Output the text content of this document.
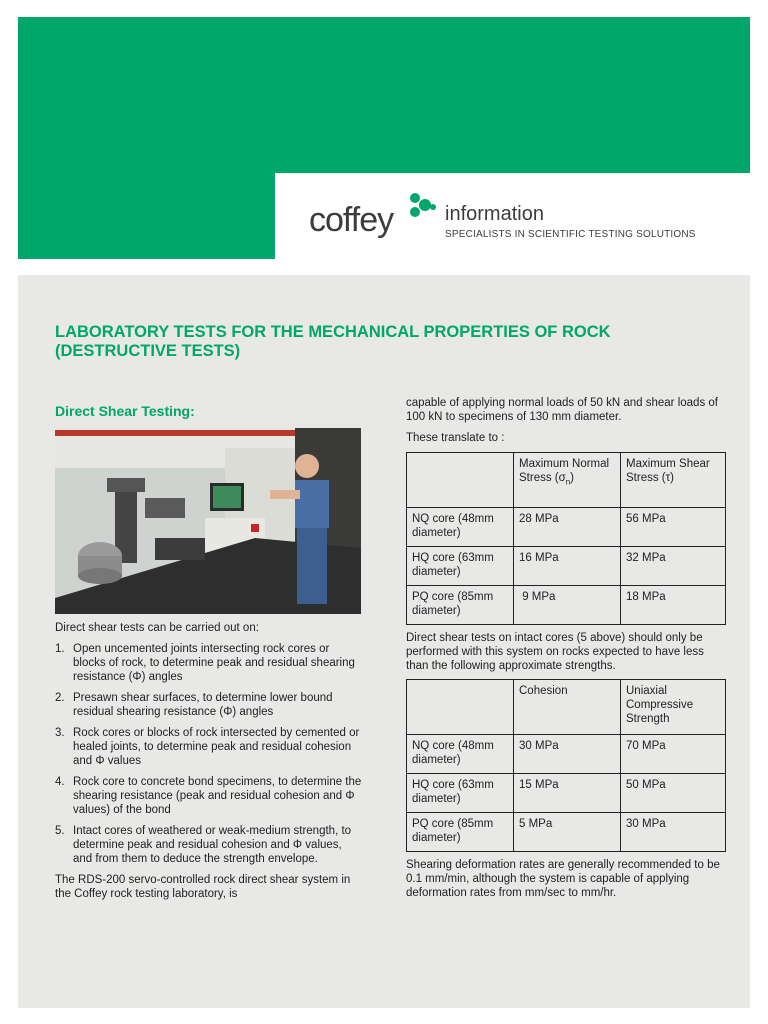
coffey	information
SPECIALISTS IN SCIENTIFIC TESTING SOLUTIONS
LABORATORY TESTS FOR THE MECHANICAL PROPERTIES OF ROCK (DESTRUCTIVE TESTS)
Direct Shear Testing:

Direct shear tests can be carried out on:

1. Open uncemented joints intersecting rock cores or blocks of rock, to determine peak and residual shearing resistance (Φ) angles
2. Presawn shear surfaces, to determine lower bound residual shearing resistance (Φ) angles
3. Rock cores or blocks of rock intersected by cemented or healed joints, to determine peak and residual cohesion and Φ values
4. Rock core to concrete bond specimens, to determine the shearing resistance (peak and residual cohesion and Φ values) of the bond
5. Intact cores of weathered or weak-medium strength, to determine peak and residual cohesion and Φ values, and from them to deduce the strength envelope.

The RDS-200 servo-controlled rock direct shear system in the Coffey rock testing laboratory, is

capable of applying normal loads of 50 kN and shear loads of 100 kN to specimens of 130 mm diameter.

These translate to :

	Maximum Normal Stress $(\sigma_n)$	Maximum Shear Stress (τ)
NQ core (48mm diameter)	28 MPa	56 MPa
HQ core (63mm diameter)	16 MPa	32 MPa
PQ core (85mm diameter)	9 MPa	18 MPa

Direct shear tests on intact cores (5 above) should only be performed with this system on rocks expected to have less than the following approximate strengths.

	Cohesion	Uniaxial Compressive Strength
NQ core (48mm diameter)	30 MPa	70 MPa
HQ core (63mm diameter)	15 MPa	50 MPa
PQ core (85mm diameter)	5 MPa	30 MPa

Shearing deformation rates are generally recommended to be 0.1 mm/min, although the system is capable of applying deformation rates from mm/sec to mm/hr.
